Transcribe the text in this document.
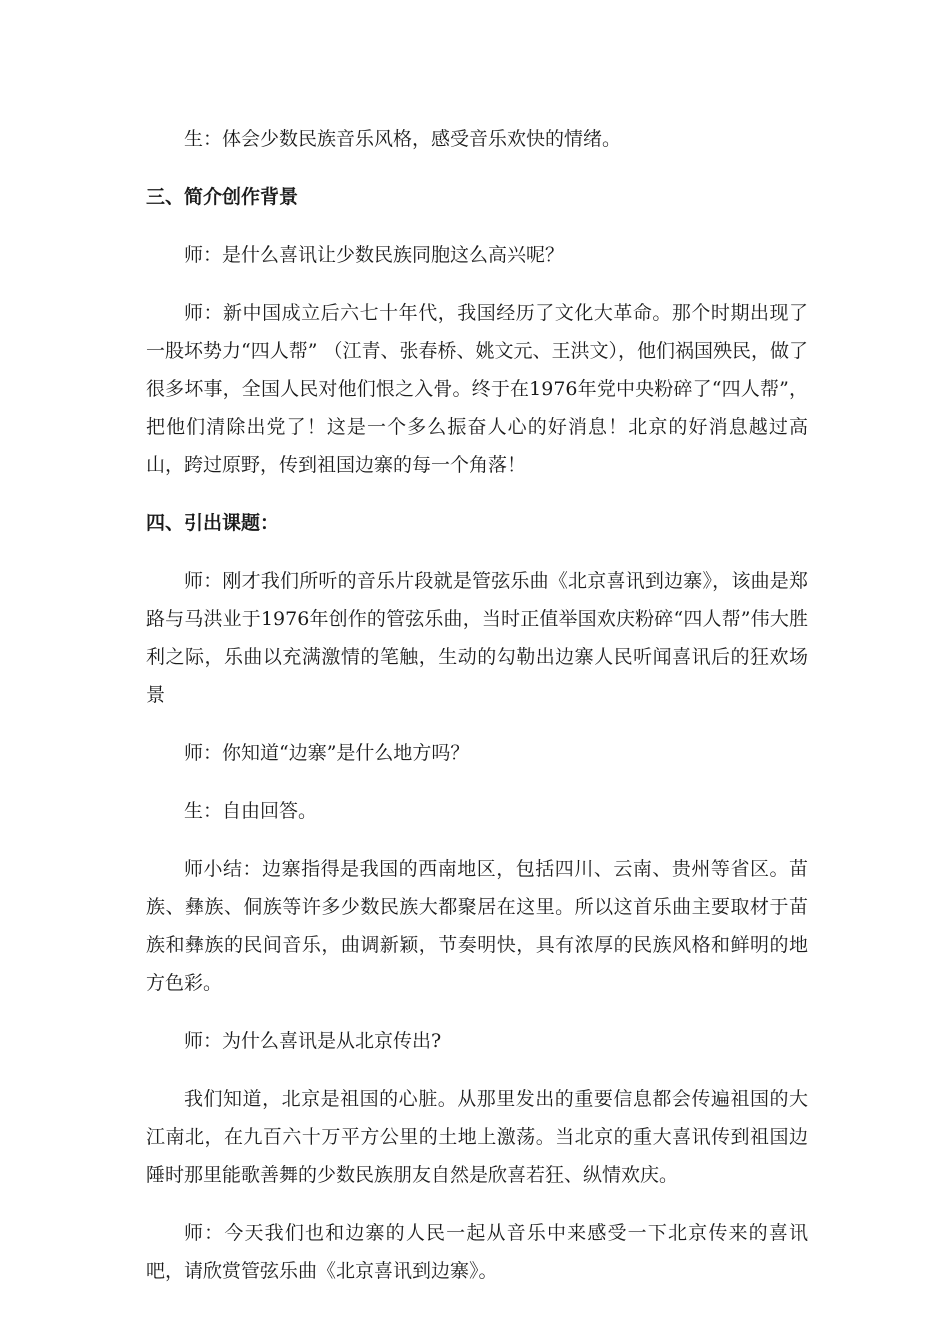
生：体会少数民族音乐风格，感受音乐欢快的情绪。

三、简介创作背景

师：是什么喜讯让少数民族同胞这么高兴呢？

师：新中国成立后六七十年代，我国经历了文化大革命。那个时期出现了一股坏势力“四人帮” （江青、张春桥、姚文元、王洪文），他们祸国殃民，做了很多坏事，全国人民对他们恨之入骨。终于在1976年党中央粉碎了“四人帮”，把他们清除出党了！这是一个多么振奋人心的好消息！北京的好消息越过高山，跨过原野，传到祖国边寨的每一个角落！

四、引出课题：

师：刚才我们所听的音乐片段就是管弦乐曲《北京喜讯到边寨》，该曲是郑路与马洪业于1976年创作的管弦乐曲，当时正值举国欢庆粉碎“四人帮”伟大胜利之际，乐曲以充满激情的笔触，生动的勾勒出边寨人民听闻喜讯后的狂欢场景

师：你知道“边寨”是什么地方吗？

生：自由回答。

师小结：边寨指得是我国的西南地区，包括四川、云南、贵州等省区。苗族、彝族、侗族等许多少数民族大都聚居在这里。所以这首乐曲主要取材于苗族和彝族的民间音乐，曲调新颖，节奏明快，具有浓厚的民族风格和鲜明的地方色彩。

师：为什么喜讯是从北京传出?

我们知道，北京是祖国的心脏。从那里发出的重要信息都会传遍祖国的大江南北，在九百六十万平方公里的土地上激荡。当北京的重大喜讯传到祖国边陲时那里能歌善舞的少数民族朋友自然是欣喜若狂、纵情欢庆。

师：今天我们也和边寨的人民一起从音乐中来感受一下北京传来的喜讯吧，请欣赏管弦乐曲《北京喜讯到边寨》。
